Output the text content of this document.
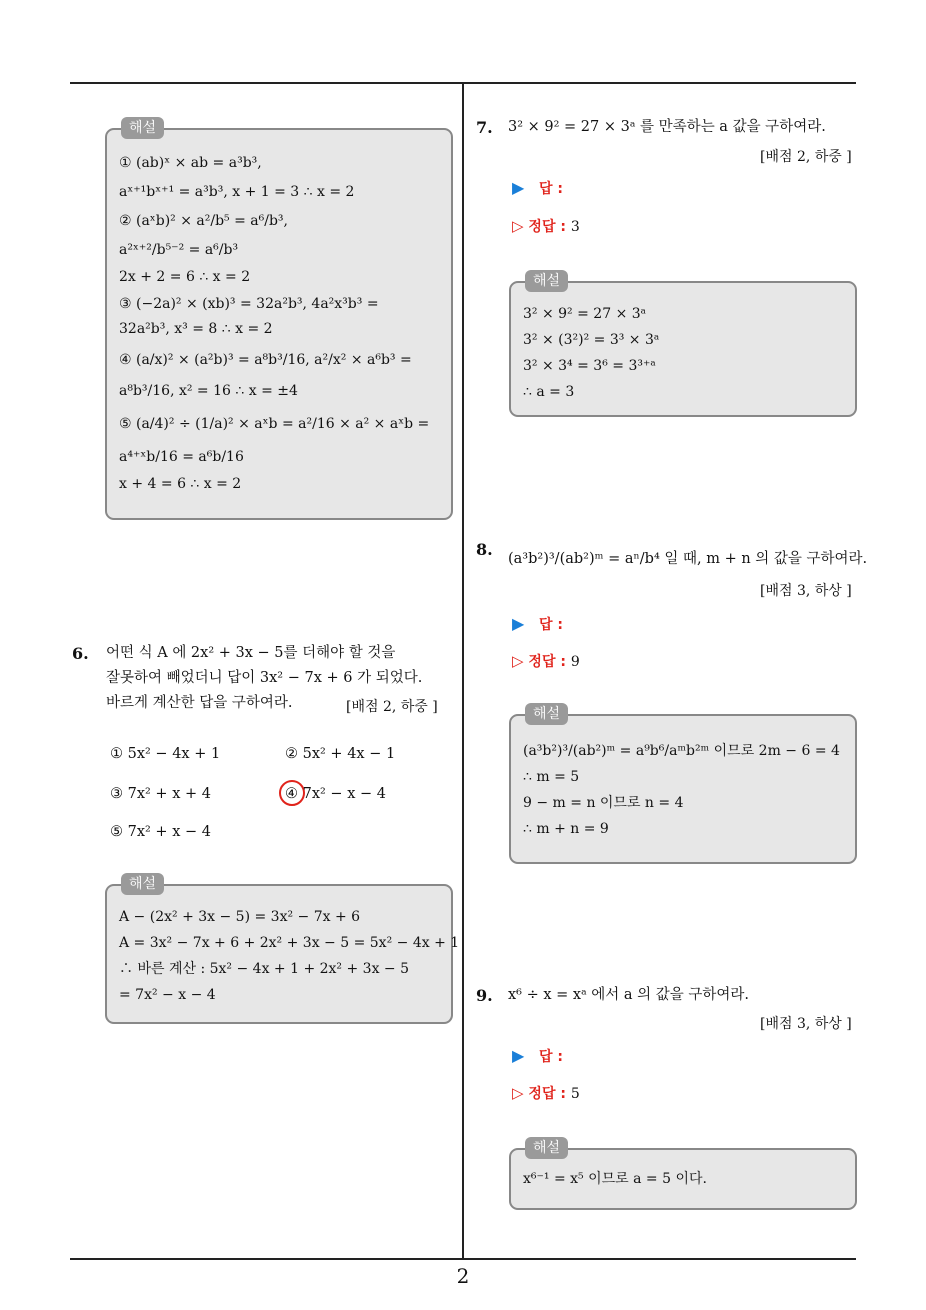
2
해설
① (ab)ˣ × ab = a³b³,
aˣ⁺¹bˣ⁺¹ = a³b³, x + 1 = 3 ∴ x = 2
② (aˣb)² × a²/b⁵ = a⁶/b³,
a²ˣ⁺²/b⁵⁻² = a⁶/b³
2x + 2 = 6 ∴ x = 2
③ (−2a)² × (xb)³ = 32a²b³, 4a²x³b³ =
32a²b³, x³ = 8 ∴ x = 2
④ (a/x)² × (a²b)³ = a⁸b³/16, a²/x² × a⁶b³ =
a⁸b³/16, x² = 16 ∴ x = ±4
⑤ (a/4)² ÷ (1/a)² × aˣb = a²/16 × a² × aˣb =
a⁴⁺ˣb/16 = a⁶b/16
x + 4 = 6 ∴ x = 2
6. 어떤 식 A 에 2x² + 3x − 5를 더해야 할 것을
잘못하여 빼었더니 답이 3x² − 7x + 6 가 되었다.
바르게 계산한 답을 구하여라.	[배점 2, 하중 ]
① 5x² − 4x + 1	② 5x² + 4x − 1
③ 7x² + x + 4	④ 7x² − x − 4
⑤ 7x² + x − 4
해설
A − (2x² + 3x − 5) = 3x² − 7x + 6
A = 3x² − 7x + 6 + 2x² + 3x − 5 = 5x² − 4x + 1
∴ 바른 계산 : 5x² − 4x + 1 + 2x² + 3x − 5
= 7x² − x − 4
7. 3² × 9² = 27 × 3ᵃ 를 만족하는 a 값을 구하여라.
[배점 2, 하중 ]
▶ 답 :
▷ 정답 : 3
해설
3² × 9² = 27 × 3ᵃ
3² × (3²)² = 3³ × 3ᵃ
3² × 3⁴ = 3⁶ = 3³⁺ᵃ
∴ a = 3
8. (a³b²)³/(ab²)ᵐ = aⁿ/b⁴ 일 때, m + n 의 값을 구하여라.
[배점 3, 하상 ]
▶ 답 :
▷ 정답 : 9
해설
(a³b²)³/(ab²)ᵐ = a⁹b⁶/aᵐb²ᵐ 이므로 2m − 6 = 4
∴ m = 5
9 − m = n 이므로 n = 4
∴ m + n = 9
9. x⁶ ÷ x = xᵃ 에서 a 의 값을 구하여라.
[배점 3, 하상 ]
▶ 답 :
▷ 정답 : 5
해설
x⁶⁻¹ = x⁵ 이므로 a = 5 이다.
